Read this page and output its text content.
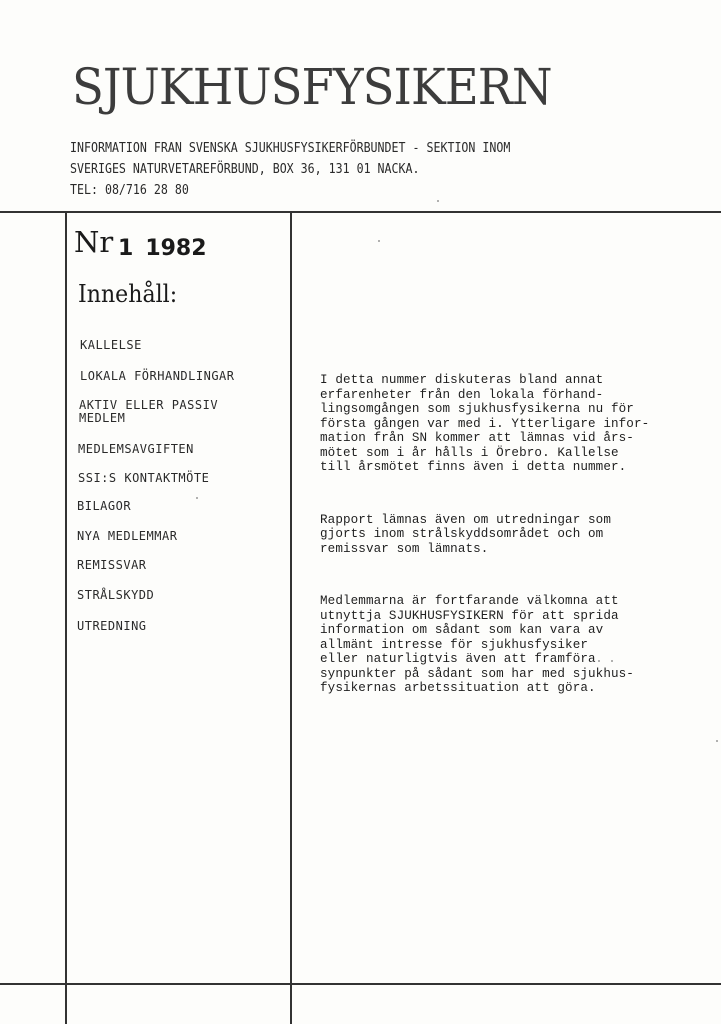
SJUKHUSFYSIKERN
INFORMATION FRAN SVENSKA SJUKHUSFYSIKERFÖRBUNDET - SEKTION INOM
SVERIGES NATURVETAREFÖRBUND, BOX 36, 131 01 NACKA.
TEL: 08/716 28 80
Nr 1 1982
Innehåll:
KALLELSE
LOKALA FÖRHANDLINGAR
AKTIV ELLER PASSIV
MEDLEM
MEDLEMSAVGIFTEN
SSI:S KONTAKTMÖTE
BILAGOR
NYA MEDLEMMAR
REMISSVAR
STRÅLSKYDD
UTREDNING

I detta nummer diskuteras bland annat
erfarenheter från den lokala förhand-
lingsomgången som sjukhusfysikerna nu för
första gången var med i. Ytterligare infor-
mation från SN kommer att lämnas vid års-
mötet som i år hålls i Örebro. Kallelse
till årsmötet finns även i detta nummer.

Rapport lämnas även om utredningar som
gjorts inom strålskyddsområdet och om
remissvar som lämnats.

Medlemmarna är fortfarande välkomna att
utnyttja SJUKHUSFYSIKERN för att sprida
information om sådant som kan vara av
allmänt intresse för sjukhusfysiker
eller naturligtvis även att framföra
synpunkter på sådant som har med sjukhus-
fysikernas arbetssituation att göra.
